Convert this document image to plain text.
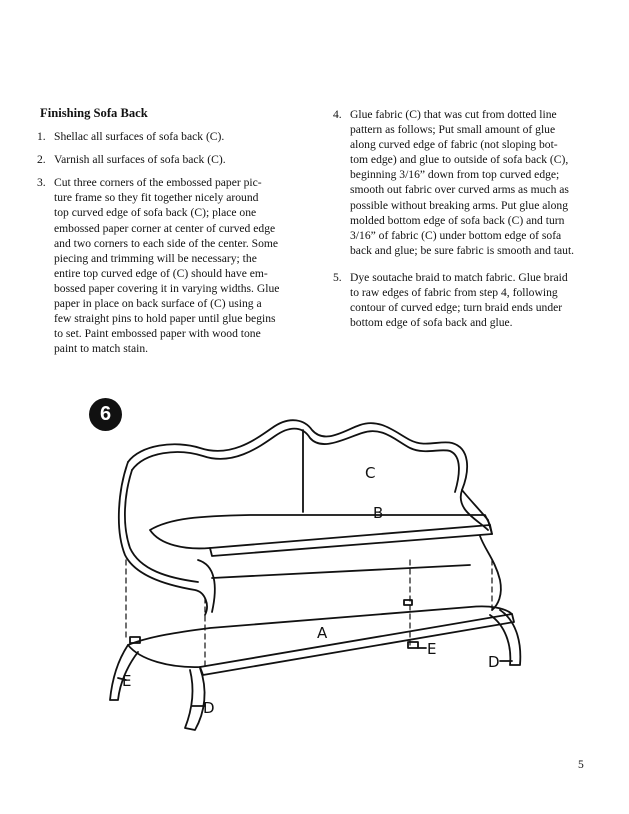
Finishing Sofa Back
1. Shellac all surfaces of sofa back (C).
2. Varnish all surfaces of sofa back (C).
3. Cut three corners of the embossed paper pic-
ture frame so they fit together nicely around
top curved edge of sofa back (C); place one
embossed paper corner at center of curved edge
and two corners to each side of the center. Some
piecing and trimming will be necessary; the
entire top curved edge of (C) should have em-
bossed paper covering it in varying widths. Glue
paper in place on back surface of (C) using a
few straight pins to hold paper until glue begins
to set. Paint embossed paper with wood tone
paint to match stain.
4. Glue fabric (C) that was cut from dotted line
pattern as follows; Put small amount of glue
along curved edge of fabric (not sloping bot-
tom edge) and glue to outside of sofa back (C),
beginning 3/16” down from top curved edge;
smooth out fabric over curved arms as much as
possible without breaking arms. Put glue along
molded bottom edge of sofa back (C) and turn
3/16” of fabric (C) under bottom edge of sofa
back and glue; be sure fabric is smooth and taut.
5. Dye soutache braid to match fabric. Glue braid
to raw edges of fabric from step 4, following
contour of curved edge; turn braid ends under
bottom edge of sofa back and glue.
6
C
B
A
E
D
E
D
5
